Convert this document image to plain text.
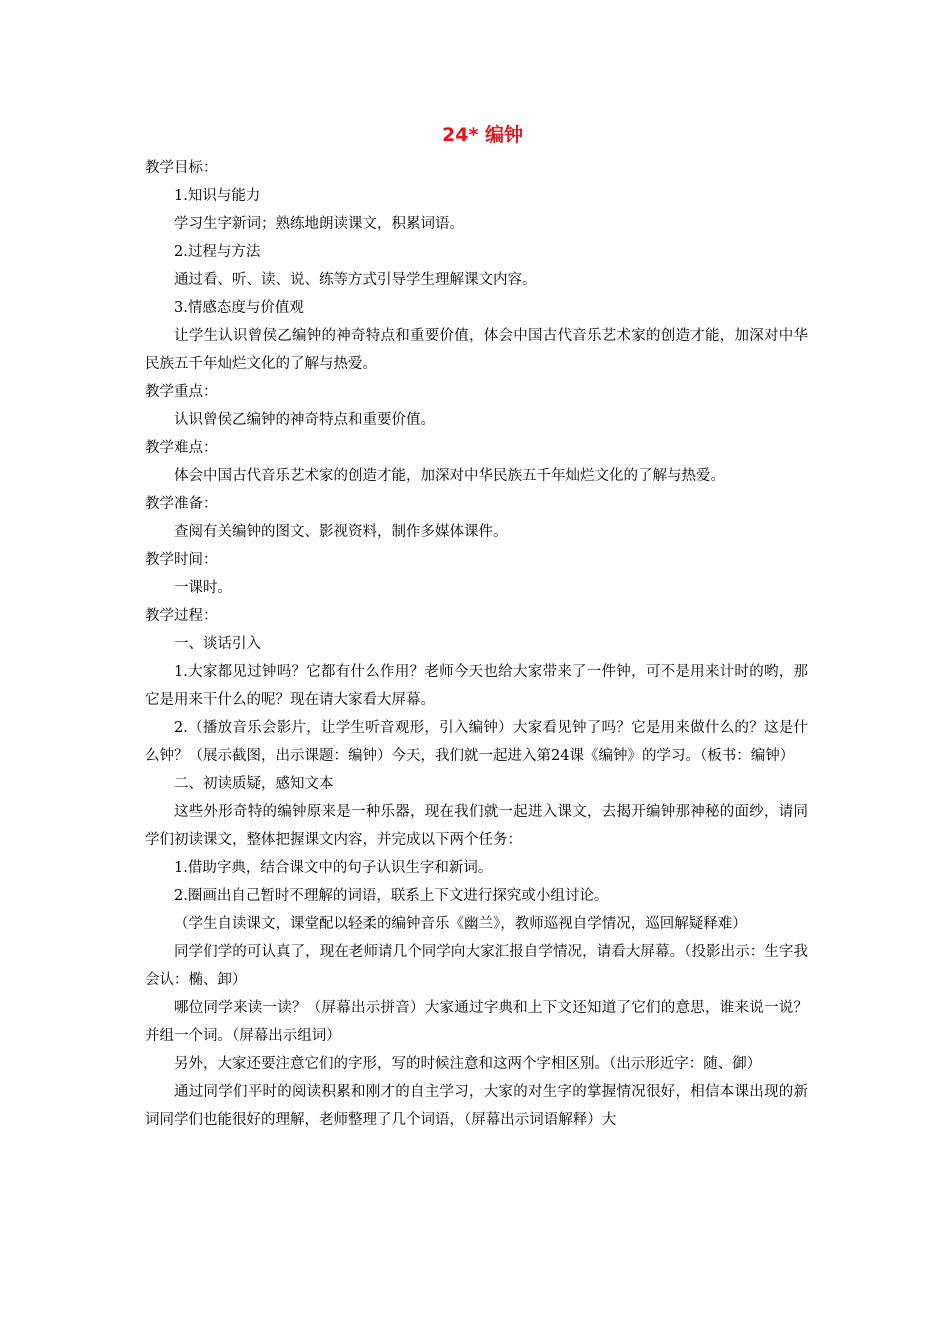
24* 编钟

教学目标：

1.知识与能力

学习生字新词；熟练地朗读课文，积累词语。

2.过程与方法

通过看、听、读、说、练等方式引导学生理解课文内容。

3.情感态度与价值观

让学生认识曾侯乙编钟的神奇特点和重要价值，体会中国古代音乐艺术家的创造才能，加深对中华民族五千年灿烂文化的了解与热爱。

教学重点：

认识曾侯乙编钟的神奇特点和重要价值。

教学难点：

体会中国古代音乐艺术家的创造才能，加深对中华民族五千年灿烂文化的了解与热爱。

教学准备：

查阅有关编钟的图文、影视资料，制作多媒体课件。

教学时间：

一课时。

教学过程：

一、谈话引入

1.大家都见过钟吗？它都有什么作用？老师今天也给大家带来了一件钟，可不是用来计时的哟，那它是用来干什么的呢？现在请大家看大屏幕。

2.（播放音乐会影片，让学生听音观形，引入编钟）大家看见钟了吗？它是用来做什么的？这是什么钟？（展示截图，出示课题：编钟）今天，我们就一起进入第24课《编钟》的学习。（板书：编钟）

二、初读质疑，感知文本

这些外形奇特的编钟原来是一种乐器，现在我们就一起进入课文，去揭开编钟那神秘的面纱，请同学们初读课文，整体把握课文内容，并完成以下两个任务：

1.借助字典，结合课文中的句子认识生字和新词。

2.圈画出自己暂时不理解的词语，联系上下文进行探究或小组讨论。

（学生自读课文，课堂配以轻柔的编钟音乐《幽兰》，教师巡视自学情况，巡回解疑释难）

同学们学的可认真了，现在老师请几个同学向大家汇报自学情况，请看大屏幕。（投影出示：生字我会认：椭、卸）

哪位同学来读一读？（屏幕出示拼音）大家通过字典和上下文还知道了它们的意思，谁来说一说？并组一个词。（屏幕出示组词）

另外，大家还要注意它们的字形，写的时候注意和这两个字相区别。（出示形近字：随、御）

通过同学们平时的阅读积累和刚才的自主学习，大家的对生字的掌握情况很好，相信本课出现的新词同学们也能很好的理解，老师整理了几个词语，（屏幕出示词语解释）大
